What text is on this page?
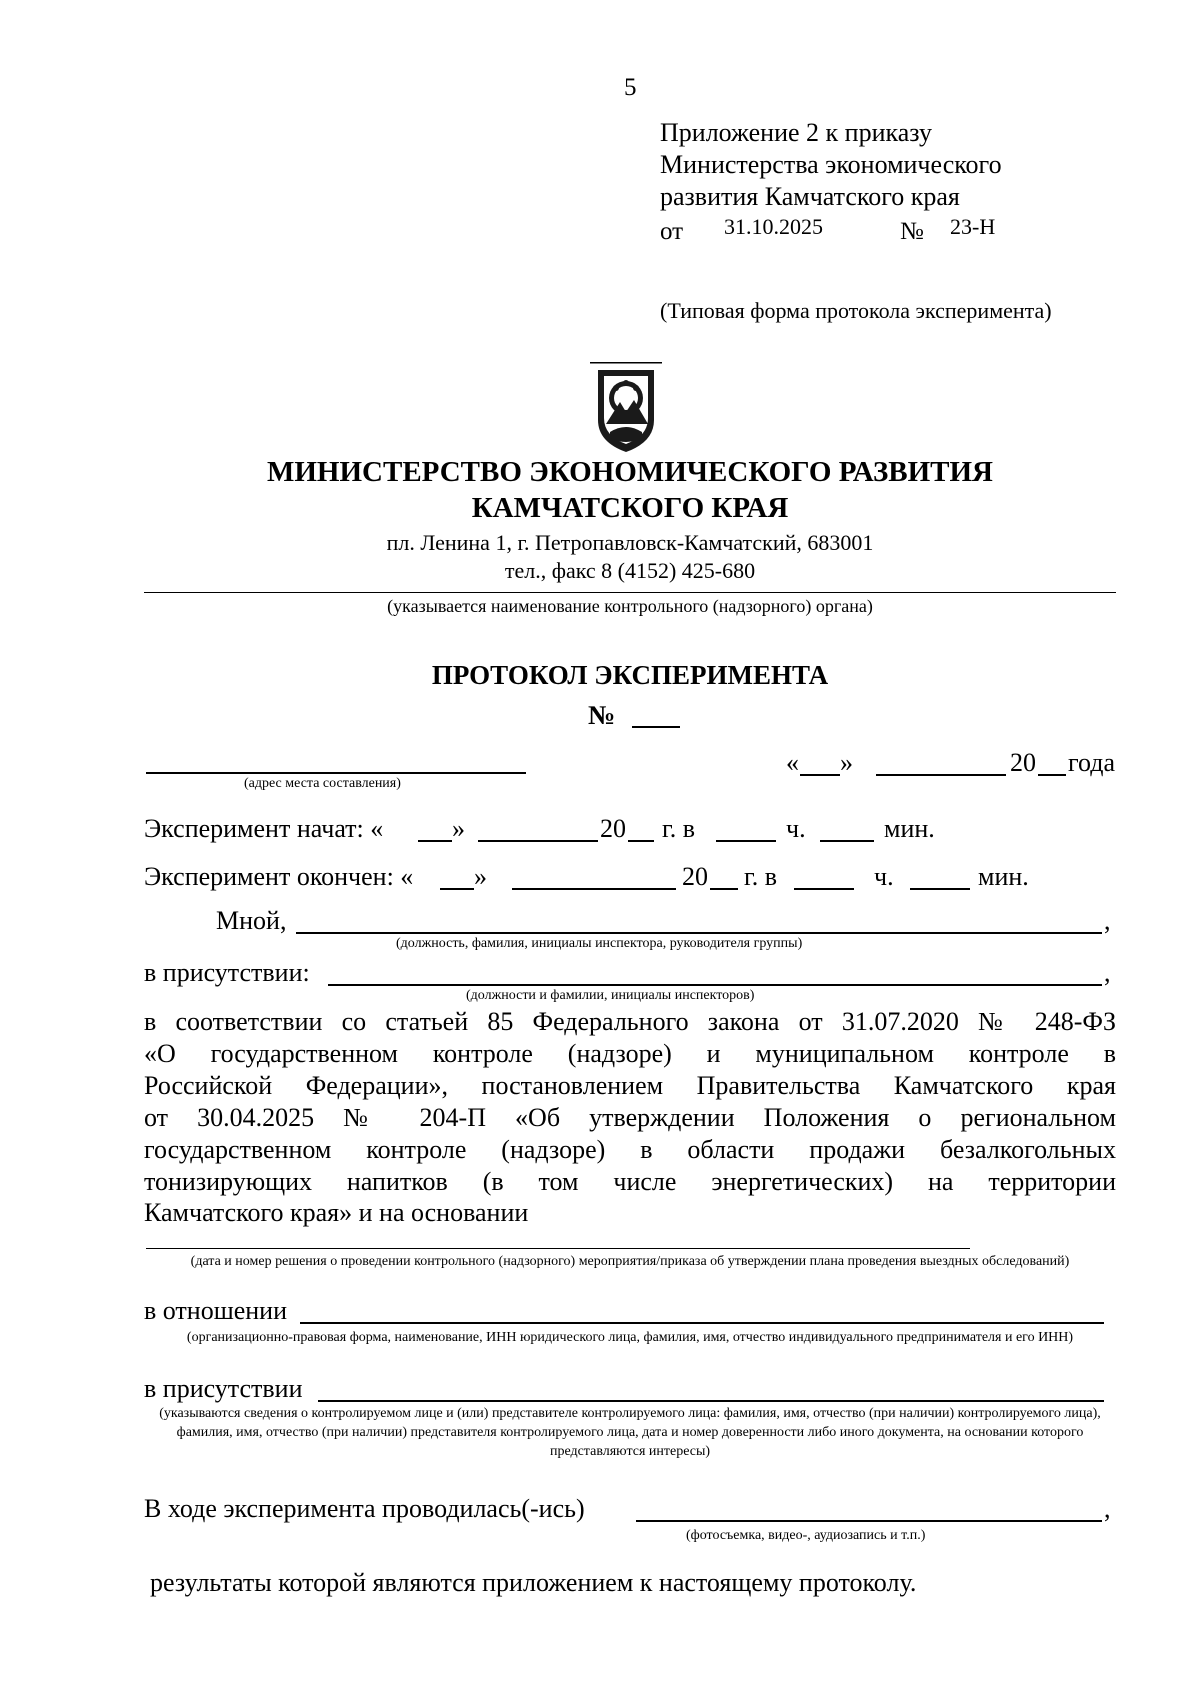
5
Приложение 2 к приказу
Министерства экономического
развития Камчатского края
от 31.10.2025	№ 23-Н
(Типовая форма протокола эксперимента)
МИНИСТЕРСТВО ЭКОНОМИЧЕСКОГО РАЗВИТИЯ
КАМЧАТСКОГО КРАЯ
пл. Ленина 1, г. Петропавловск-Камчатский, 683001
тел., факс 8 (4152) 425-680
(указывается наименование контрольного (надзорного) органа)
ПРОТОКОЛ ЭКСПЕРИМЕНТА
№
(адрес места составления)
« »	20 года
Эксперимент начат: «	»	20 г. в	ч.	мин.
Эксперимент окончен: « »	20 г. в	ч.	мин.
Мной,	,
(должность, фамилия, инициалы инспектора, руководителя группы)
в присутствии:	,
(должности и фамилии, инициалы инспекторов)
в соответствии со статьей 85 Федерального закона от 31.07.2020 № 248-ФЗ
«О государственном контроле (надзоре) и муниципальном контроле в
Российской Федерации», постановлением Правительства Камчатского края
от 30.04.2025 № 204-П «Об утверждении Положения о региональном
государственном контроле (надзоре) в области продажи безалкогольных
тонизирующих напитков (в том числе энергетических) на территории
Камчатского края» и на основании
(дата и номер решения о проведении контрольного (надзорного) мероприятия/приказа об утверждении плана проведения выездных обследований)
в отношении
(организационно-правовая форма, наименование, ИНН юридического лица, фамилия, имя, отчество индивидуального предпринимателя и его ИНН)
в присутствии
(указываются сведения о контролируемом лице и (или) представителе контролируемого лица: фамилия, имя, отчество (при наличии) контролируемого лица), фамилия, имя, отчество (при наличии) представителя контролируемого лица, дата и номер доверенности либо иного документа, на основании которого представляются интересы)
В ходе эксперимента проводилась(-ись)	,
(фотосъемка, видео-, аудиозапись и т.п.)
результаты которой являются приложением к настоящему протоколу.
